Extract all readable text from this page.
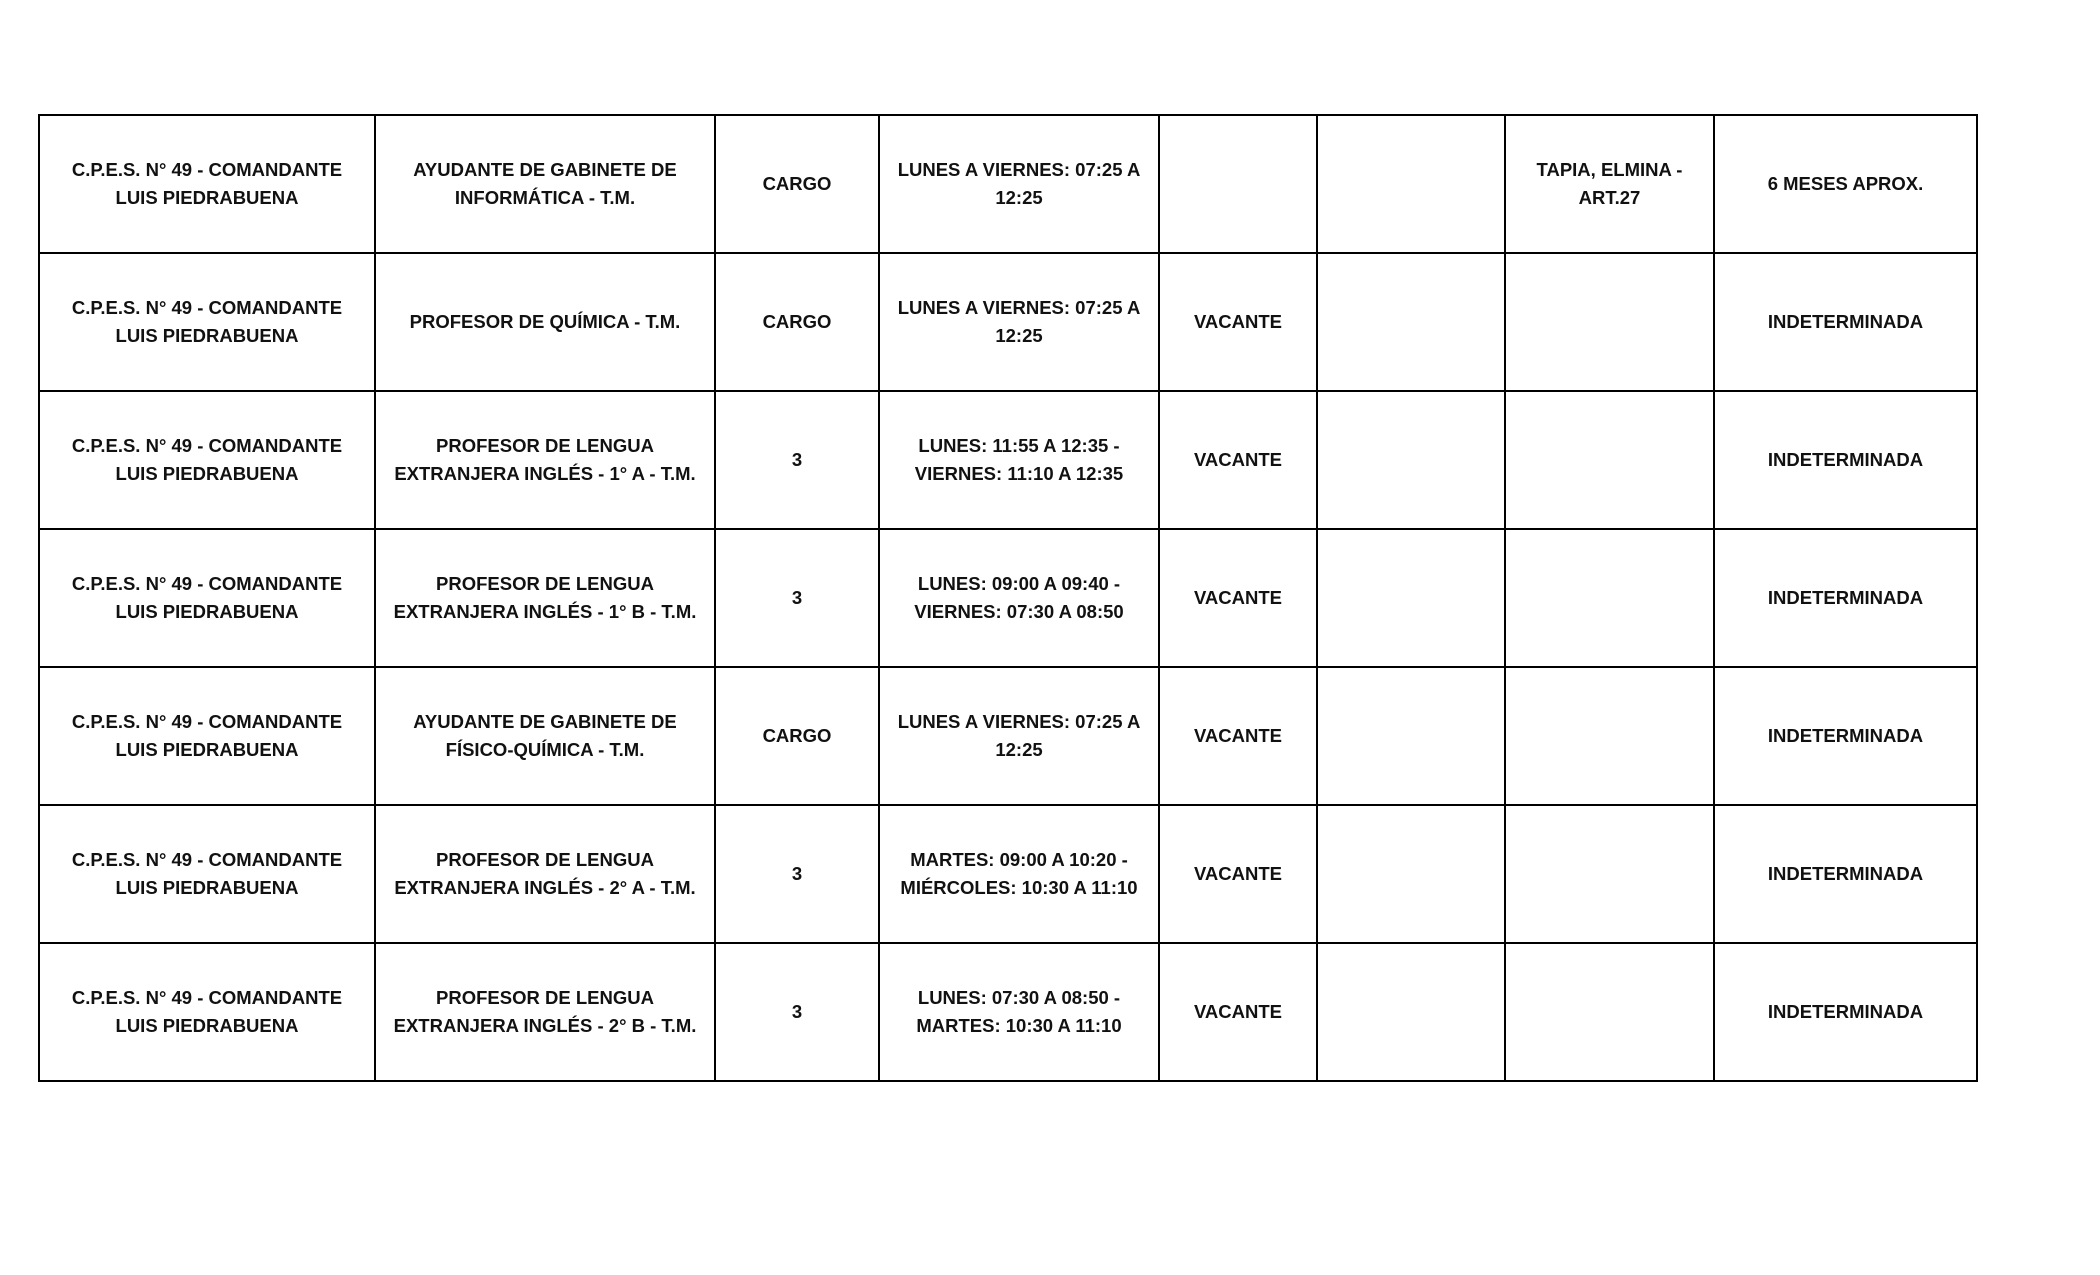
C.P.E.S. N° 49 - COMANDANTE LUIS PIEDRABUENA	AYUDANTE DE GABINETE DE INFORMÁTICA - T.M.	CARGO	LUNES A VIERNES: 07:25 A 12:25			TAPIA, ELMINA - ART.27	6 MESES APROX.
C.P.E.S. N° 49 - COMANDANTE LUIS PIEDRABUENA	PROFESOR DE QUÍMICA - T.M.	CARGO	LUNES A VIERNES: 07:25 A 12:25	VACANTE			INDETERMINADA
C.P.E.S. N° 49 - COMANDANTE LUIS PIEDRABUENA	PROFESOR DE LENGUA EXTRANJERA INGLÉS - 1° A - T.M.	3	LUNES: 11:55 A 12:35 -
VIERNES: 11:10 A 12:35	VACANTE			INDETERMINADA
C.P.E.S. N° 49 - COMANDANTE LUIS PIEDRABUENA	PROFESOR DE LENGUA EXTRANJERA INGLÉS - 1° B - T.M.	3	LUNES: 09:00 A 09:40 -
VIERNES: 07:30 A 08:50	VACANTE			INDETERMINADA
C.P.E.S. N° 49 - COMANDANTE LUIS PIEDRABUENA	AYUDANTE DE GABINETE DE FÍSICO-QUÍMICA - T.M.	CARGO	LUNES A VIERNES: 07:25 A 12:25	VACANTE			INDETERMINADA
C.P.E.S. N° 49 - COMANDANTE LUIS PIEDRABUENA	PROFESOR DE LENGUA EXTRANJERA INGLÉS - 2° A - T.M.	3	MARTES: 09:00 A 10:20 -
MIÉRCOLES: 10:30 A 11:10	VACANTE			INDETERMINADA
C.P.E.S. N° 49 - COMANDANTE LUIS PIEDRABUENA	PROFESOR DE LENGUA EXTRANJERA INGLÉS - 2° B - T.M.	3	LUNES: 07:30 A 08:50 -
MARTES: 10:30 A 11:10	VACANTE			INDETERMINADA
